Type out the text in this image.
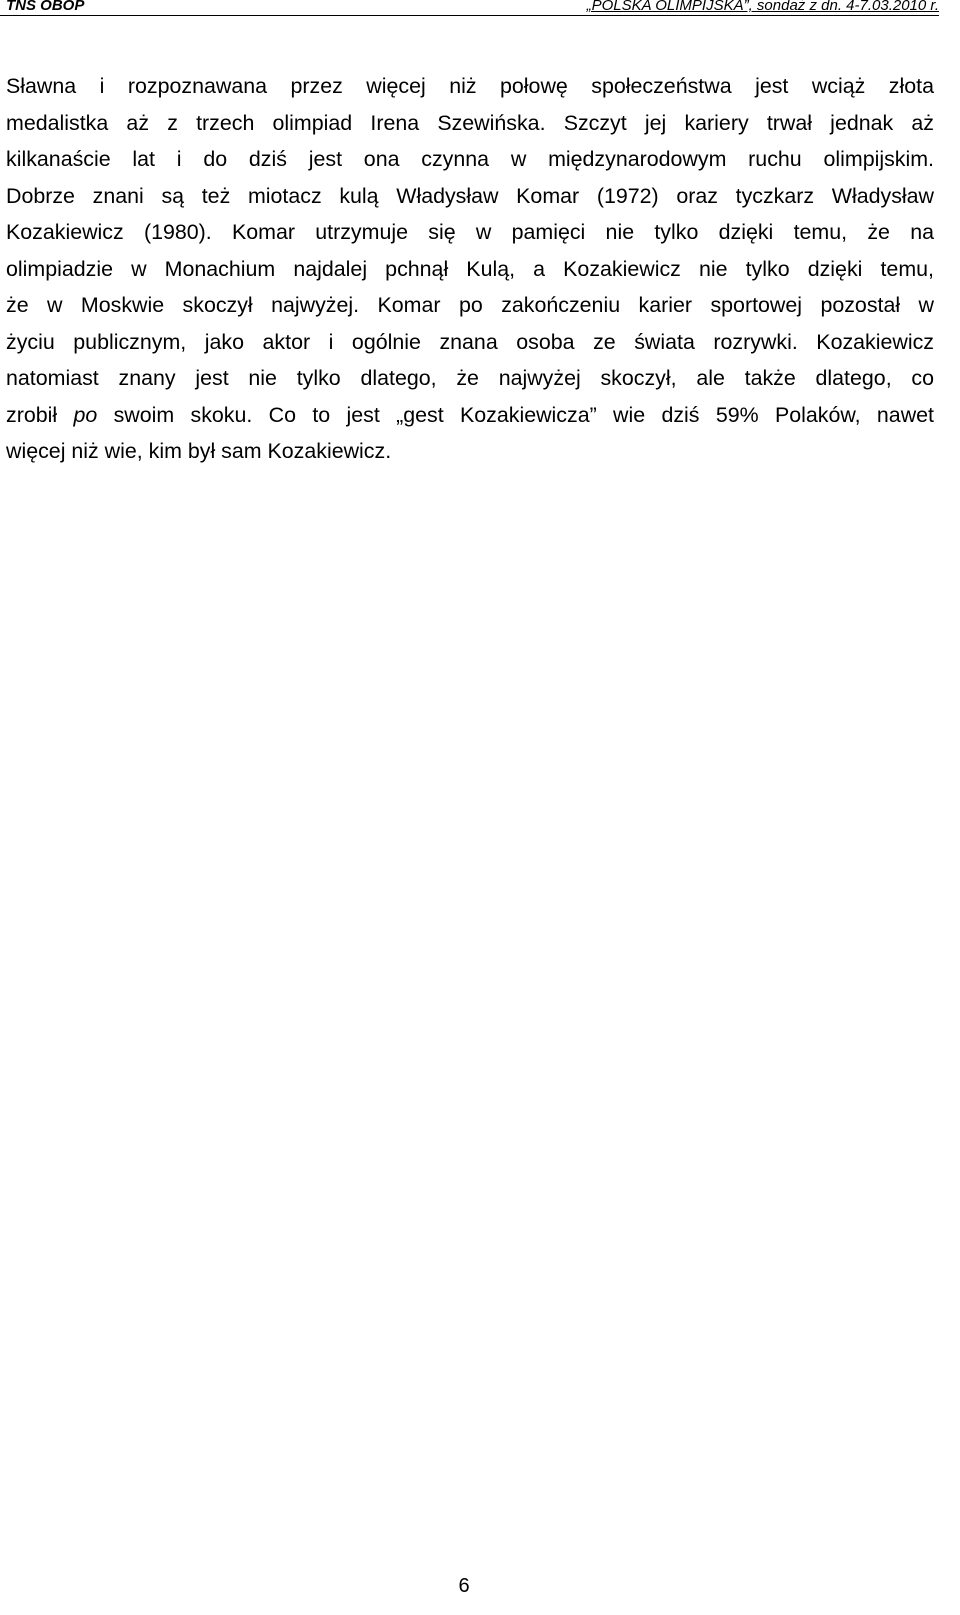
TNS OBOP	„POLSKA OLIMPIJSKA”, sondaż z dn. 4-7.03.2010 r.

Sławna i rozpoznawana przez więcej niż połowę społeczeństwa jest wciąż złota
medalistka aż z trzech olimpiad Irena Szewińska. Szczyt jej kariery trwał jednak aż
kilkanaście lat i do dziś jest ona czynna w międzynarodowym ruchu olimpijskim.
Dobrze znani są też miotacz kulą Władysław Komar (1972) oraz tyczkarz Władysław
Kozakiewicz (1980). Komar utrzymuje się w pamięci nie tylko dzięki temu, że na
olimpiadzie w Monachium najdalej pchnął Kulą, a Kozakiewicz nie tylko dzięki temu,
że w Moskwie skoczył najwyżej. Komar po zakończeniu karier sportowej pozostał w
życiu publicznym, jako aktor i ogólnie znana osoba ze świata rozrywki. Kozakiewicz
natomiast znany jest nie tylko dlatego, że najwyżej skoczył, ale także dlatego, co
zrobił po swoim skoku. Co to jest „gest Kozakiewicza” wie dziś 59% Polaków, nawet
więcej niż wie, kim był sam Kozakiewicz.

6
